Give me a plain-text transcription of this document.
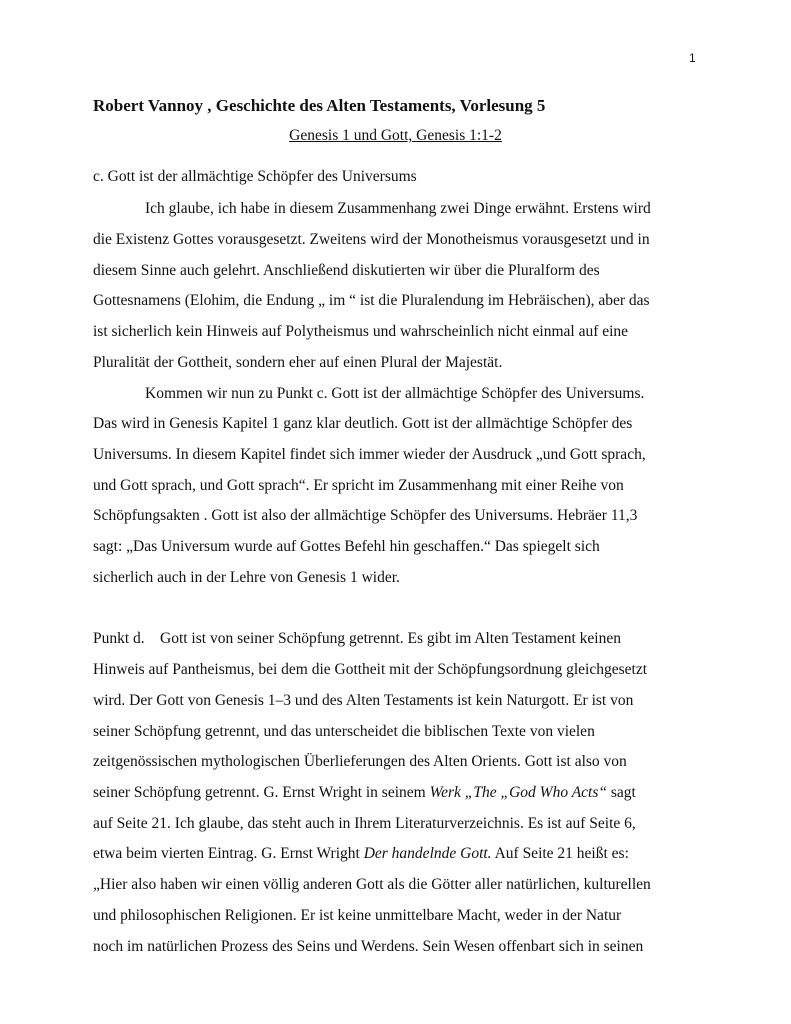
1
Robert Vannoy , Geschichte des Alten Testaments, Vorlesung 5
Genesis 1 und Gott, Genesis 1:1-2
c. Gott ist der allmächtige Schöpfer des Universums
Ich glaube, ich habe in diesem Zusammenhang zwei Dinge erwähnt. Erstens wird
die Existenz Gottes vorausgesetzt. Zweitens wird der Monotheismus vorausgesetzt und in
diesem Sinne auch gelehrt. Anschließend diskutierten wir über die Pluralform des
Gottesnamens (Elohim, die Endung „ im “ ist die Pluralendung im Hebräischen), aber das
ist sicherlich kein Hinweis auf Polytheismus und wahrscheinlich nicht einmal auf eine
Pluralität der Gottheit, sondern eher auf einen Plural der Majestät.
Kommen wir nun zu Punkt c. Gott ist der allmächtige Schöpfer des Universums.
Das wird in Genesis Kapitel 1 ganz klar deutlich. Gott ist der allmächtige Schöpfer des
Universums. In diesem Kapitel findet sich immer wieder der Ausdruck „und Gott sprach,
und Gott sprach, und Gott sprach“. Er spricht im Zusammenhang mit einer Reihe von
Schöpfungsakten . Gott ist also der allmächtige Schöpfer des Universums. Hebräer 11,3
sagt: „Das Universum wurde auf Gottes Befehl hin geschaffen.“ Das spiegelt sich
sicherlich auch in der Lehre von Genesis 1 wider.
Punkt d. Gott ist von seiner Schöpfung getrennt. Es gibt im Alten Testament keinen
Hinweis auf Pantheismus, bei dem die Gottheit mit der Schöpfungsordnung gleichgesetzt
wird. Der Gott von Genesis 1–3 und des Alten Testaments ist kein Naturgott. Er ist von
seiner Schöpfung getrennt, und das unterscheidet die biblischen Texte von vielen
zeitgenössischen mythologischen Überlieferungen des Alten Orients. Gott ist also von
seiner Schöpfung getrennt. G. Ernst Wright in seinem Werk „The „God Who Acts“ sagt
auf Seite 21. Ich glaube, das steht auch in Ihrem Literaturverzeichnis. Es ist auf Seite 6,
etwa beim vierten Eintrag. G. Ernst Wright Der handelnde Gott. Auf Seite 21 heißt es:
„Hier also haben wir einen völlig anderen Gott als die Götter aller natürlichen, kulturellen
und philosophischen Religionen. Er ist keine unmittelbare Macht, weder in der Natur
noch im natürlichen Prozess des Seins und Werdens. Sein Wesen offenbart sich in seinen
